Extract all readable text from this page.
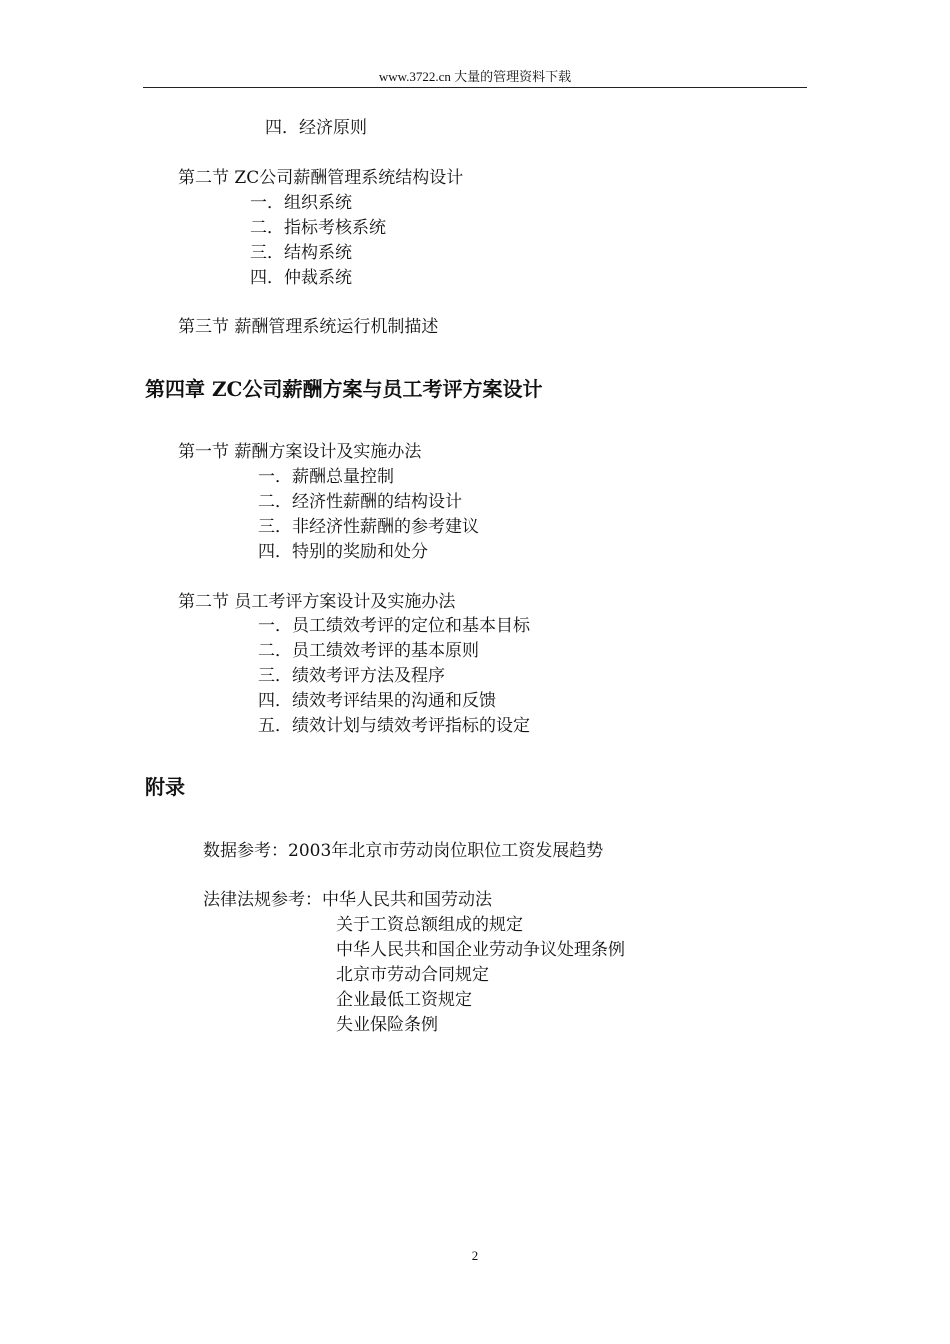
www.3722.cn 大量的管理资料下载
四．经济原则
第二节 ZC公司薪酬管理系统结构设计
一．组织系统
二．指标考核系统
三．结构系统
四．仲裁系统
第三节 薪酬管理系统运行机制描述
第四章 ZC公司薪酬方案与员工考评方案设计
第一节 薪酬方案设计及实施办法
一．薪酬总量控制
二．经济性薪酬的结构设计
三．非经济性薪酬的参考建议
四．特别的奖励和处分
第二节 员工考评方案设计及实施办法
一．员工绩效考评的定位和基本目标
二．员工绩效考评的基本原则
三．绩效考评方法及程序
四．绩效考评结果的沟通和反馈
五．绩效计划与绩效考评指标的设定
附录
数据参考：2003年北京市劳动岗位职位工资发展趋势
法律法规参考：中华人民共和国劳动法
关于工资总额组成的规定
中华人民共和国企业劳动争议处理条例
北京市劳动合同规定
企业最低工资规定
失业保险条例
2
